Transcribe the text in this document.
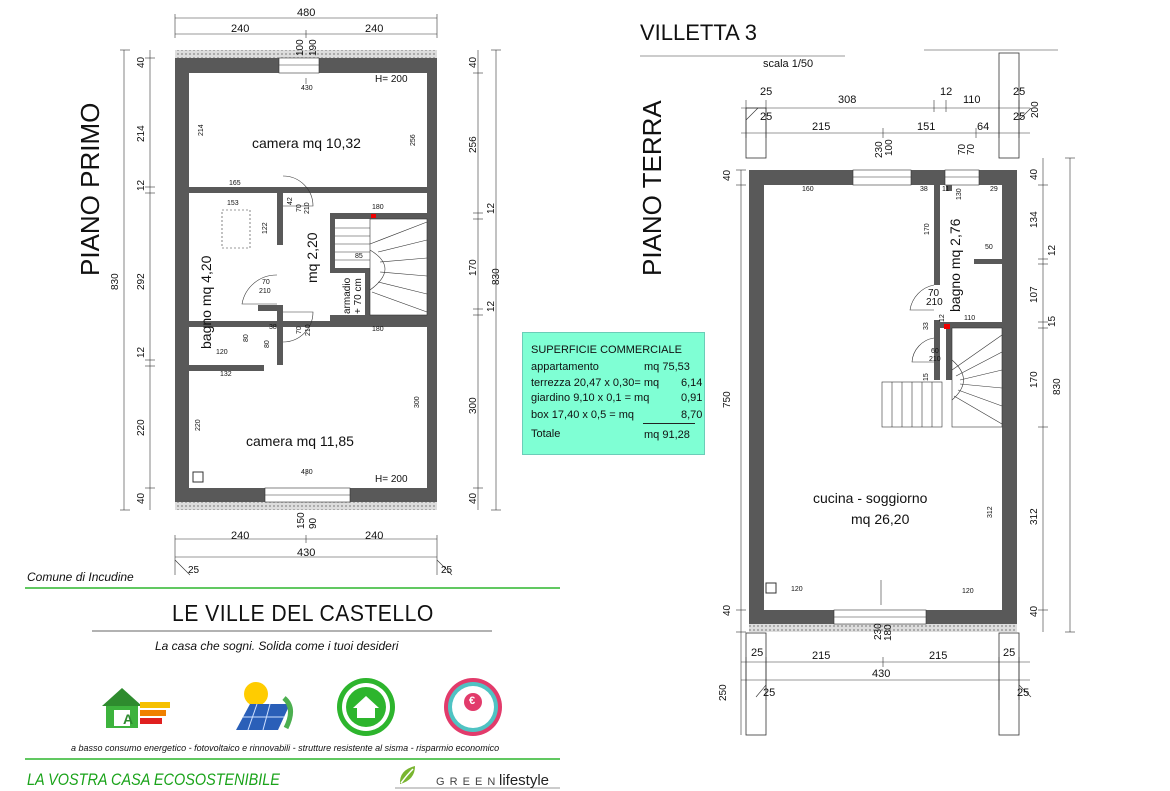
PIANO PRIMO
480
240	240
100 190
430
H= 200
camera mq 10,32
214
256
165
153
122
42
70 210	180
85
bagno mq 4,20	mq 2,20
70
210	armadio
+ 70 cm
80
38
80
70 210	180
120
132
220
300
camera mq 11,85
430
H= 200
150 90
240	240
430
25	25
40
214
12
292
12
220
40
830
40
256
12
170
12
300
40
830
VILLETTA 3
scala 1/50
PIANO TERRA
25
308
12
110
25
25
215	151	64
25 200
230 100	70
70
160	38 11 130	29
170
50
bagno mq 2,76
70
210
110
33
12
60
210
15
cucina - soggiorno
mq 26,20	312
120	120
230 180
40
750
40
40
134
12
107
15
170
312
40
830
25	215	215	25
430
25	25
250
SUPERFICIE COMMERCIALE
appartamento	mq 75,53
terrezza 20,47 x 0,30= mq 6,14
giardino 9,10 x 0,1 = mq	0,91
box 17,40 x 0,5 = mq	8,70
Totale	mq 91,28
Comune di Incudine
LE VILLE DEL CASTELLO
La casa che sogni. Solida come i tuoi desideri
A
€
a basso consumo energetico - fotovoltaico e rinnovabili - strutture resistente al sisma - risparmio economico
LA VOSTRA CASA ECOSOSTENIBILE	G R E E N lifestyle
